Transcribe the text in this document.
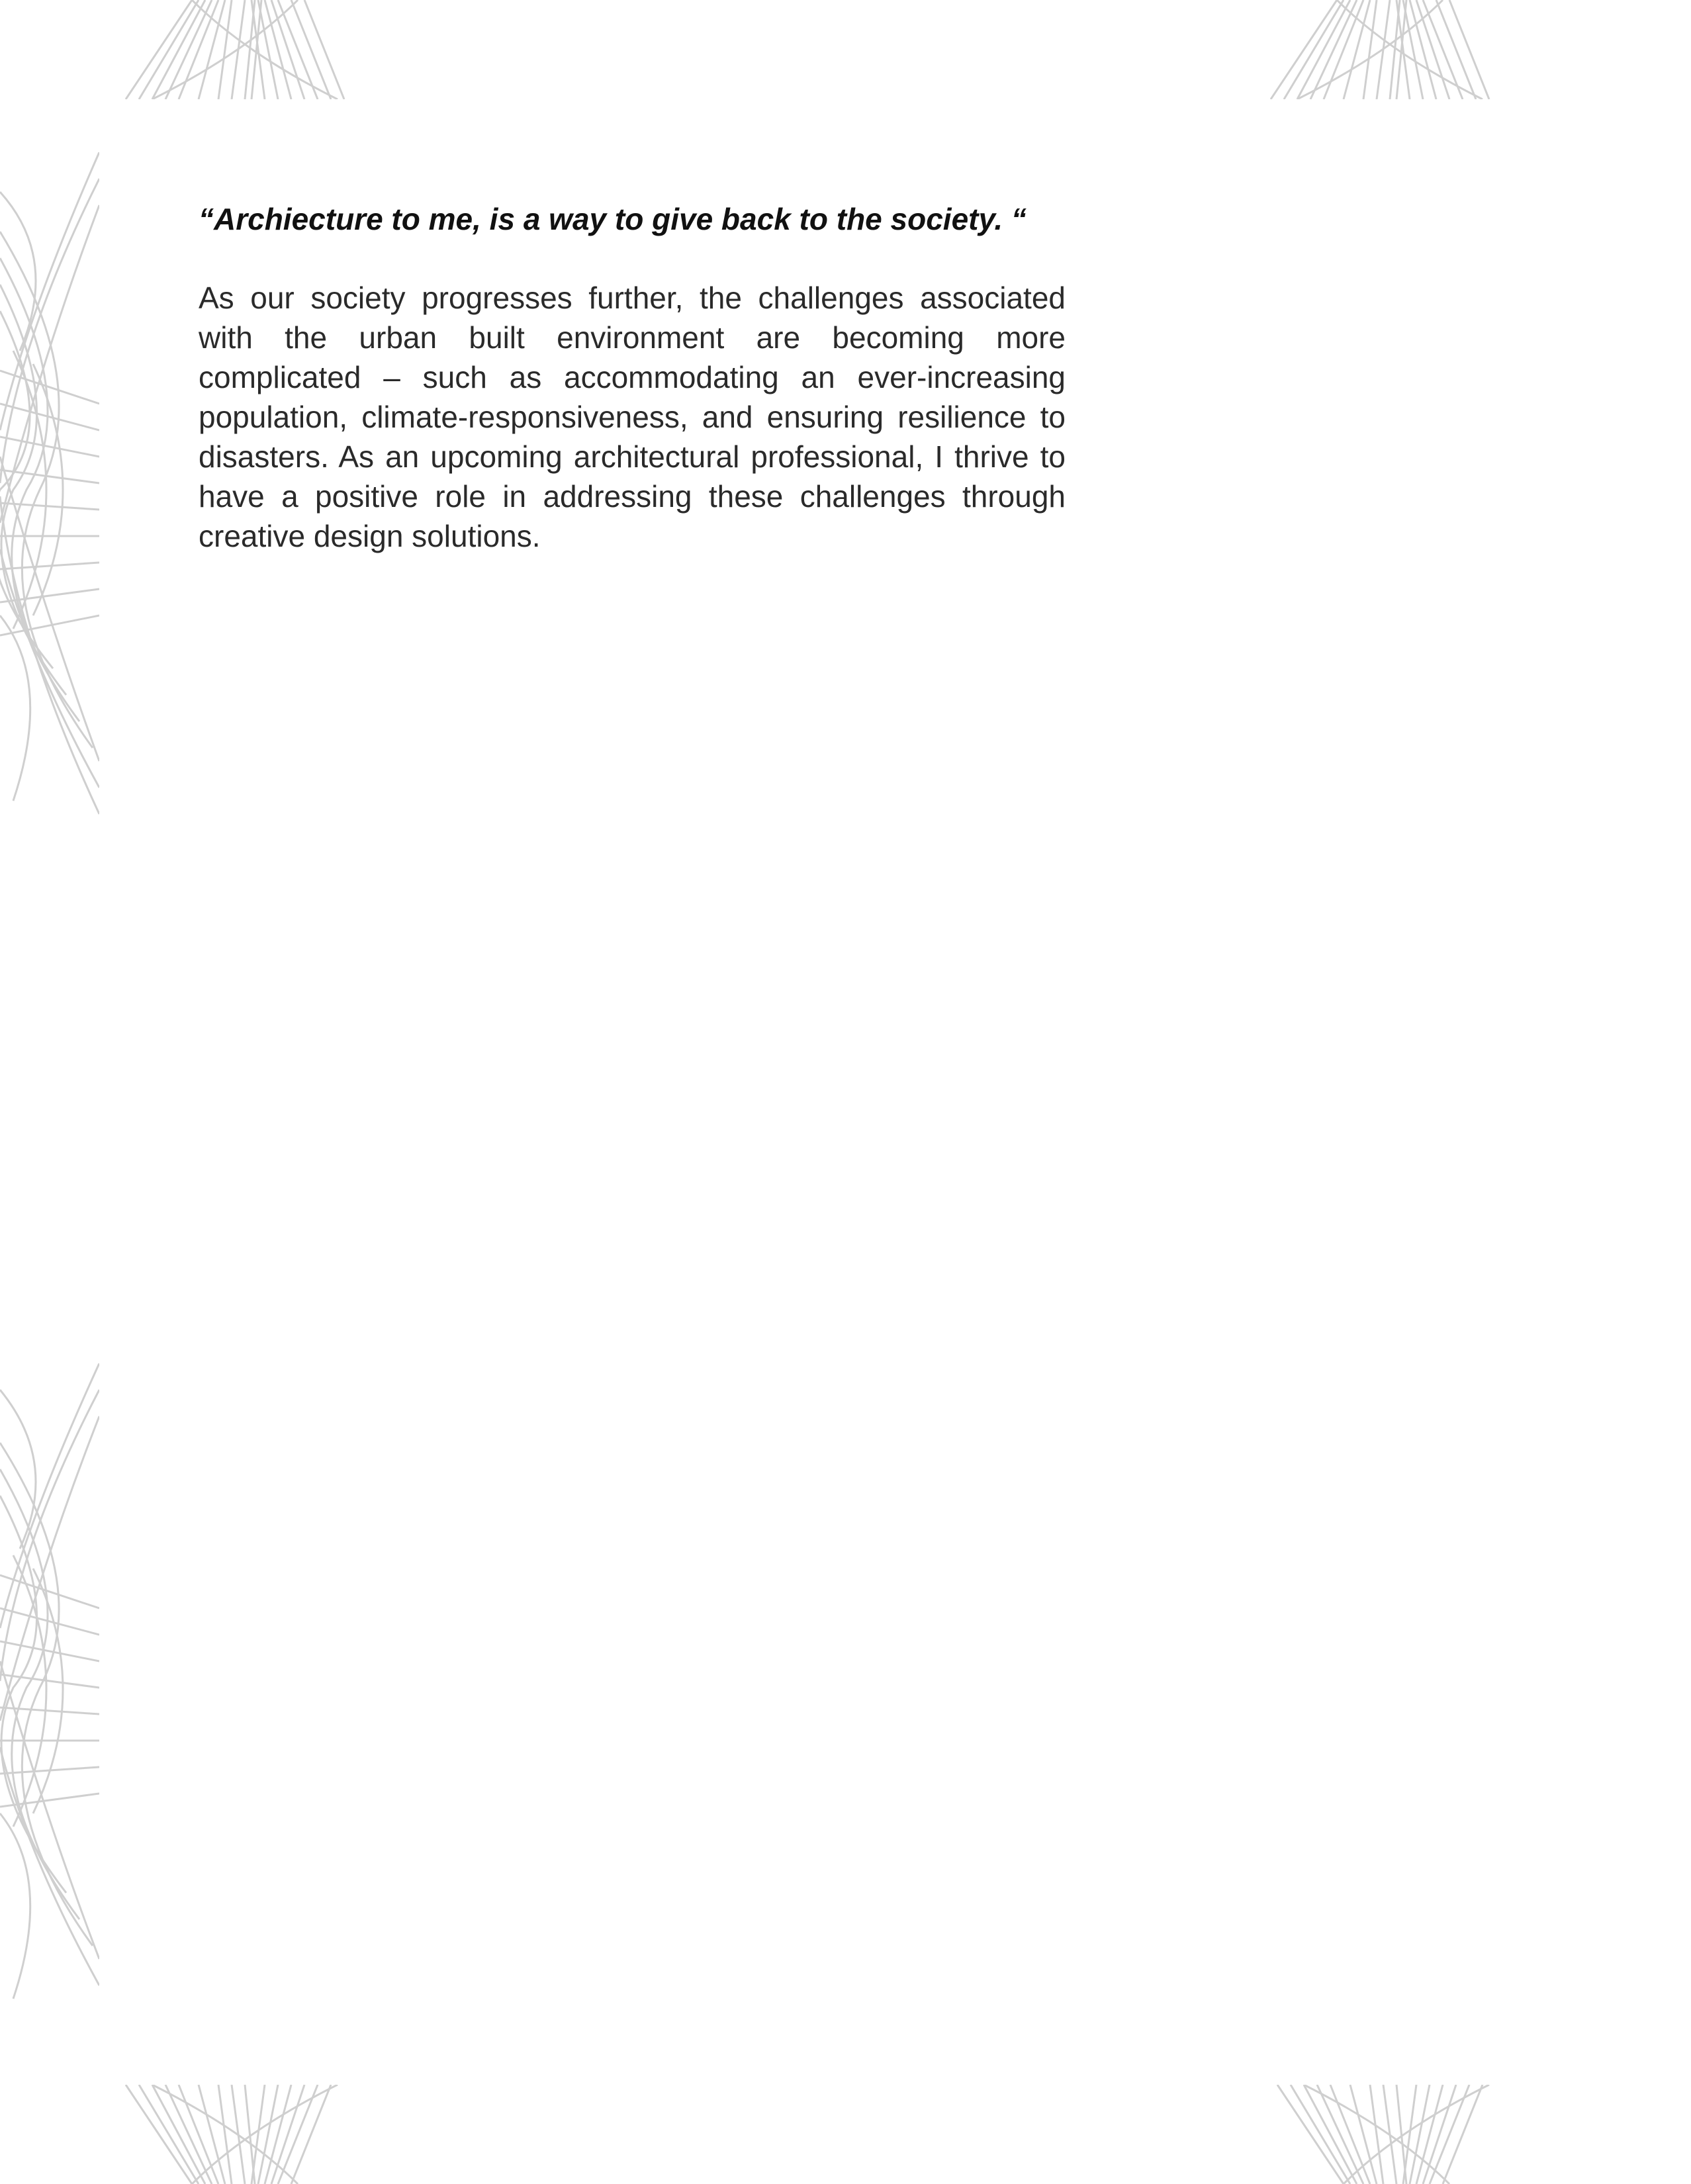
“Archiecture to me, is a way to give back to the society. “

As our society progresses further, the challenges associated with the urban built environment are becoming more complicated – such as accommodating an ever-increasing population, climate-responsiveness, and ensuring resilience to disasters. As an upcoming architectural professional, I thrive to have a positive role in addressing these challenges through creative design solutions.
